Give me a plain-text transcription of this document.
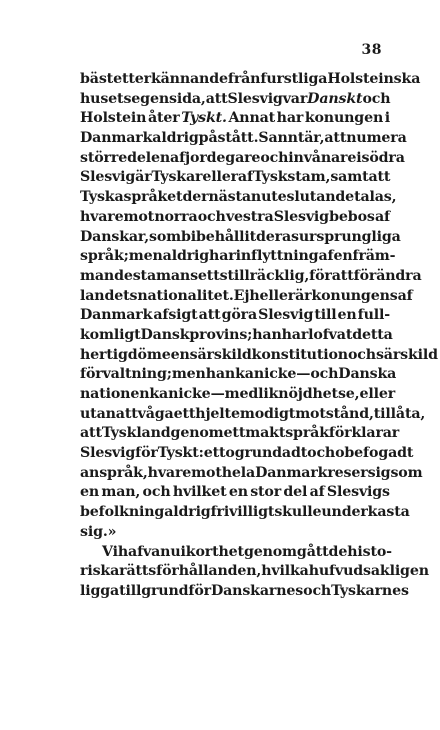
38
bäst ett erkännande från furstliga Holsteinska
husets egen sida, att Slesvig var Danskt och
Holstein åter Tyskt. Annat har konungen i
Danmark aldrig påstått. Sannt är, att numera
större delen af jordegare och invånare i södra
Slesvig är Tyskar eller af Tysk stam, samt att
Tyska språket der nästan uteslutande talas,
hvaremot norra och vestra Slesvig bebos af
Danskar, som bibehållit deras ursprungliga
språk; men aldrig har inflyttning af en främ-
mande stam ansetts tillräcklig, för att förändra
landets nationalitet. Ej heller är konungens af
Danmark afsigt att göra Slesvig till en full-
komligt Dansk provins; han har lofvat detta
hertigdöme en särskild konstitution och särskild
förvaltning; men han kan icke — och Danska
nationen kan icke — med liknöjdhet se, eller
utan att våga ett hjeltemodigt motstånd, tillåta,
att Tyskland genom ett maktspråk förklarar
Slesvig för Tyskt: ett ogrundadt och obefogadt
anspråk, hvaremot hela Danmark reser sig som
en man, och hvilket en stor del af Slesvigs
befolkning aldrig frivilligt skulle underkasta
sig.»
Vi hafva nu i korthet genomgått de histo-
riska rättsförhållanden, hvilka hufvudsakligen
ligga till grund för Danskarnes och Tyskarnes
